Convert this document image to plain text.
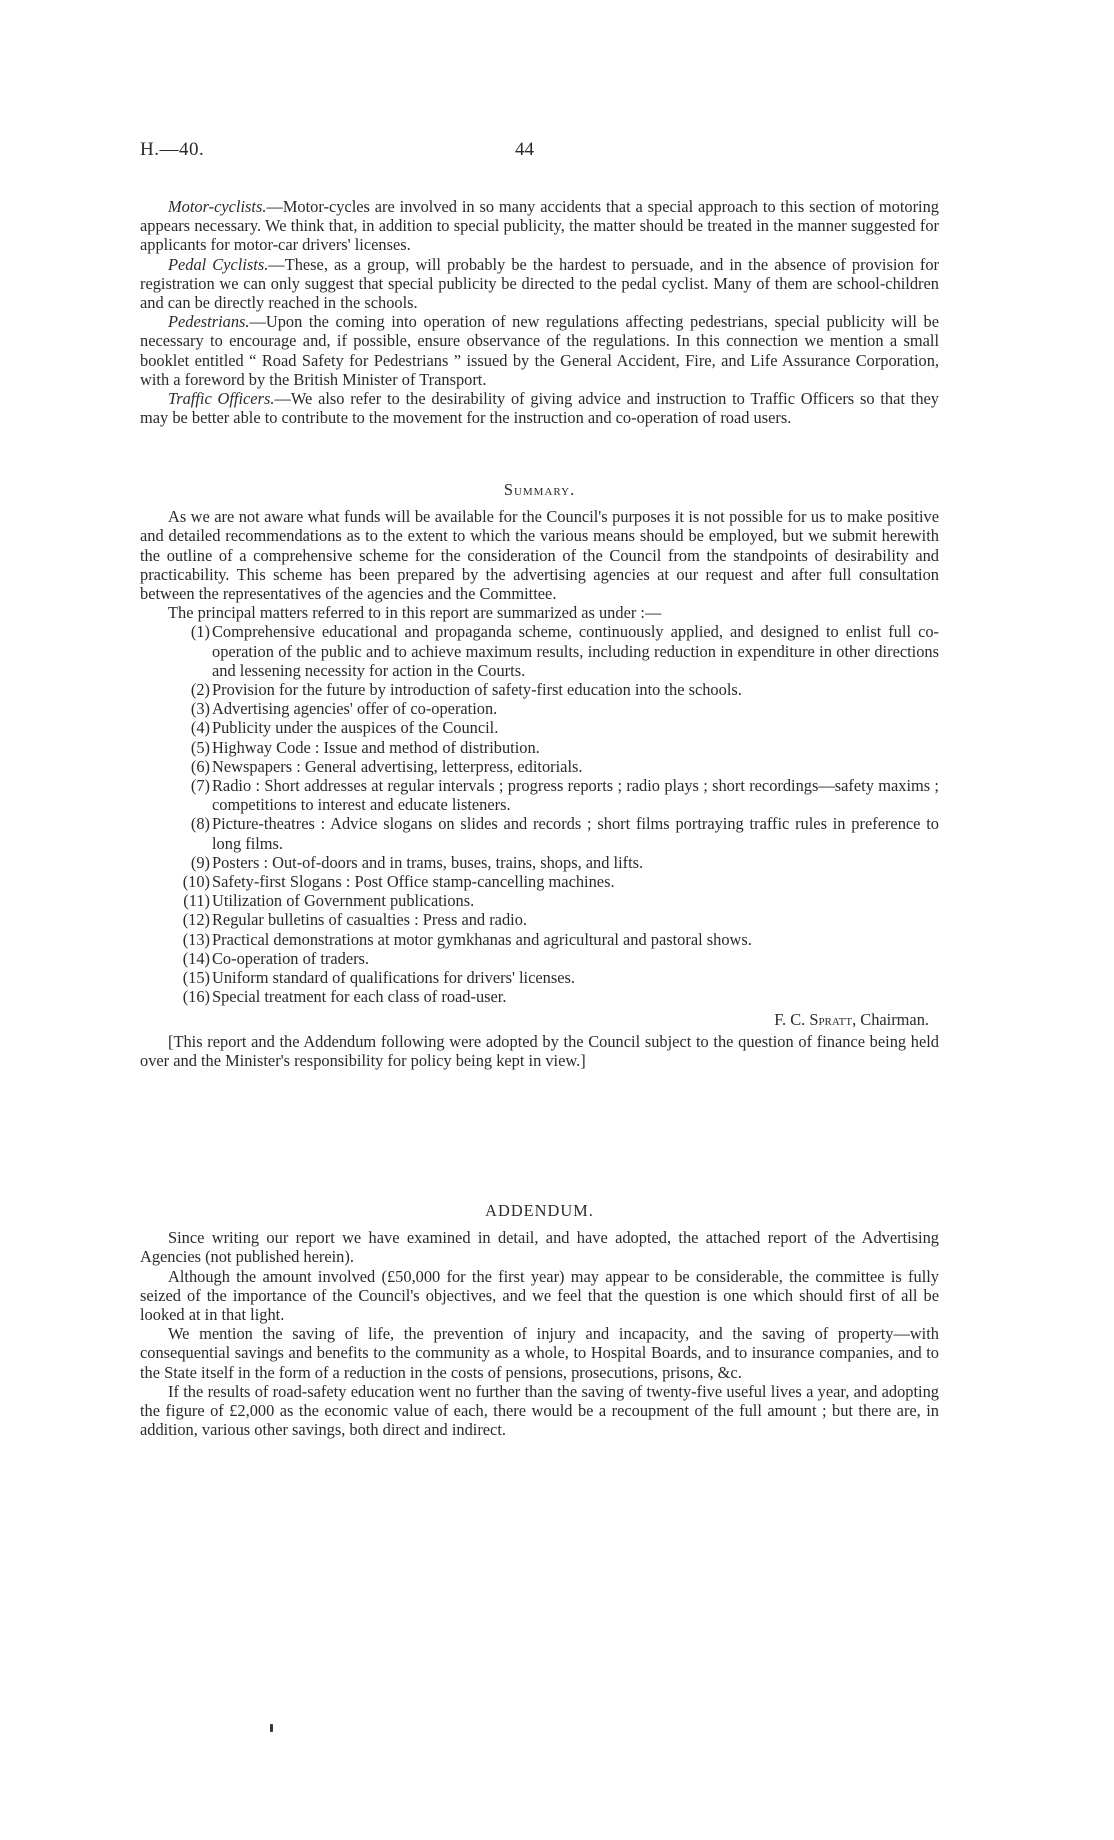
H.—40.	44

Motor-cyclists.—Motor-cycles are involved in so many accidents that a special approach to this section of motoring appears necessary. We think that, in addition to special publicity, the matter should be treated in the manner suggested for applicants for motor-car drivers' licenses.

Pedal Cyclists.—These, as a group, will probably be the hardest to persuade, and in the absence of provision for registration we can only suggest that special publicity be directed to the pedal cyclist. Many of them are school-children and can be directly reached in the schools.

Pedestrians.—Upon the coming into operation of new regulations affecting pedestrians, special publicity will be necessary to encourage and, if possible, ensure observance of the regulations. In this connection we mention a small booklet entitled “ Road Safety for Pedestrians ” issued by the General Accident, Fire, and Life Assurance Corporation, with a foreword by the British Minister of Transport.

Traffic Officers.—We also refer to the desirability of giving advice and instruction to Traffic Officers so that they may be better able to contribute to the movement for the instruction and co-operation of road users.

Summary.

As we are not aware what funds will be available for the Council's purposes it is not possible for us to make positive and detailed recommendations as to the extent to which the various means should be employed, but we submit herewith the outline of a comprehensive scheme for the consideration of the Council from the standpoints of desirability and practicability. This scheme has been prepared by the advertising agencies at our request and after full consultation between the representatives of the agencies and the Committee.

The principal matters referred to in this report are summarized as under :—

(1) Comprehensive educational and propaganda scheme, continuously applied, and designed to enlist full co-operation of the public and to achieve maximum results, including reduction in expenditure in other directions and lessening necessity for action in the Courts.
(2) Provision for the future by introduction of safety-first education into the schools.
(3) Advertising agencies' offer of co-operation.
(4) Publicity under the auspices of the Council.
(5) Highway Code : Issue and method of distribution.
(6) Newspapers : General advertising, letterpress, editorials.
(7) Radio : Short addresses at regular intervals ; progress reports ; radio plays ; short recordings—safety maxims ; competitions to interest and educate listeners.
(8) Picture-theatres : Advice slogans on slides and records ; short films portraying traffic rules in preference to long films.
(9) Posters : Out-of-doors and in trams, buses, trains, shops, and lifts.
(10) Safety-first Slogans : Post Office stamp-cancelling machines.
(11) Utilization of Government publications.
(12) Regular bulletins of casualties : Press and radio.
(13) Practical demonstrations at motor gymkhanas and agricultural and pastoral shows.
(14) Co-operation of traders.
(15) Uniform standard of qualifications for drivers' licenses.
(16) Special treatment for each class of road-user.

F. C. Spratt, Chairman.

[This report and the Addendum following were adopted by the Council subject to the question of finance being held over and the Minister's responsibility for policy being kept in view.]

ADDENDUM.

Since writing our report we have examined in detail, and have adopted, the attached report of the Advertising Agencies (not published herein).

Although the amount involved (£50,000 for the first year) may appear to be considerable, the committee is fully seized of the importance of the Council's objectives, and we feel that the question is one which should first of all be looked at in that light.

We mention the saving of life, the prevention of injury and incapacity, and the saving of property—with consequential savings and benefits to the community as a whole, to Hospital Boards, and to insurance companies, and to the State itself in the form of a reduction in the costs of pensions, prosecutions, prisons, &c.

If the results of road-safety education went no further than the saving of twenty-five useful lives a year, and adopting the figure of £2,000 as the economic value of each, there would be a recoupment of the full amount ; but there are, in addition, various other savings, both direct and indirect.
